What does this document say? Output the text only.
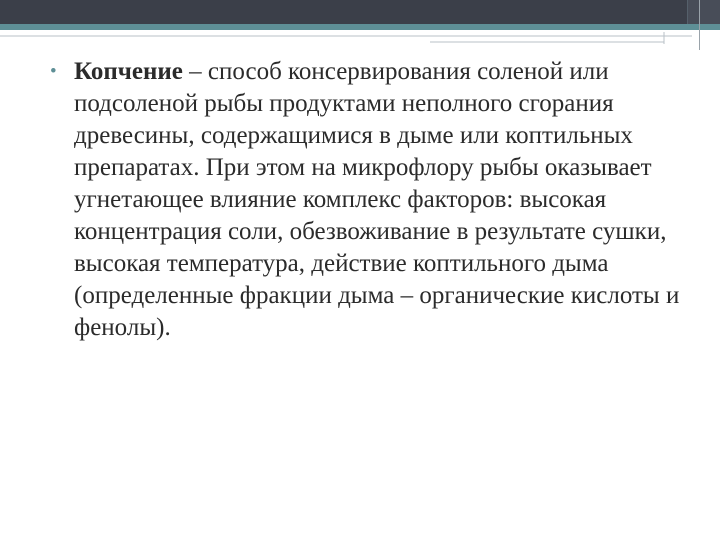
• Копчение – способ консервирования соленой или подсоленой рыбы продуктами неполного сгорания древесины, содержащимися в дыме или коптильных препаратах. При этом на микрофлору рыбы оказывает угнетающее влияние комплекс факторов: высокая концентрация соли, обезвоживание в результате сушки, высокая температура, действие коптильного дыма (определенные фракции дыма – органические кислоты и фенолы).
